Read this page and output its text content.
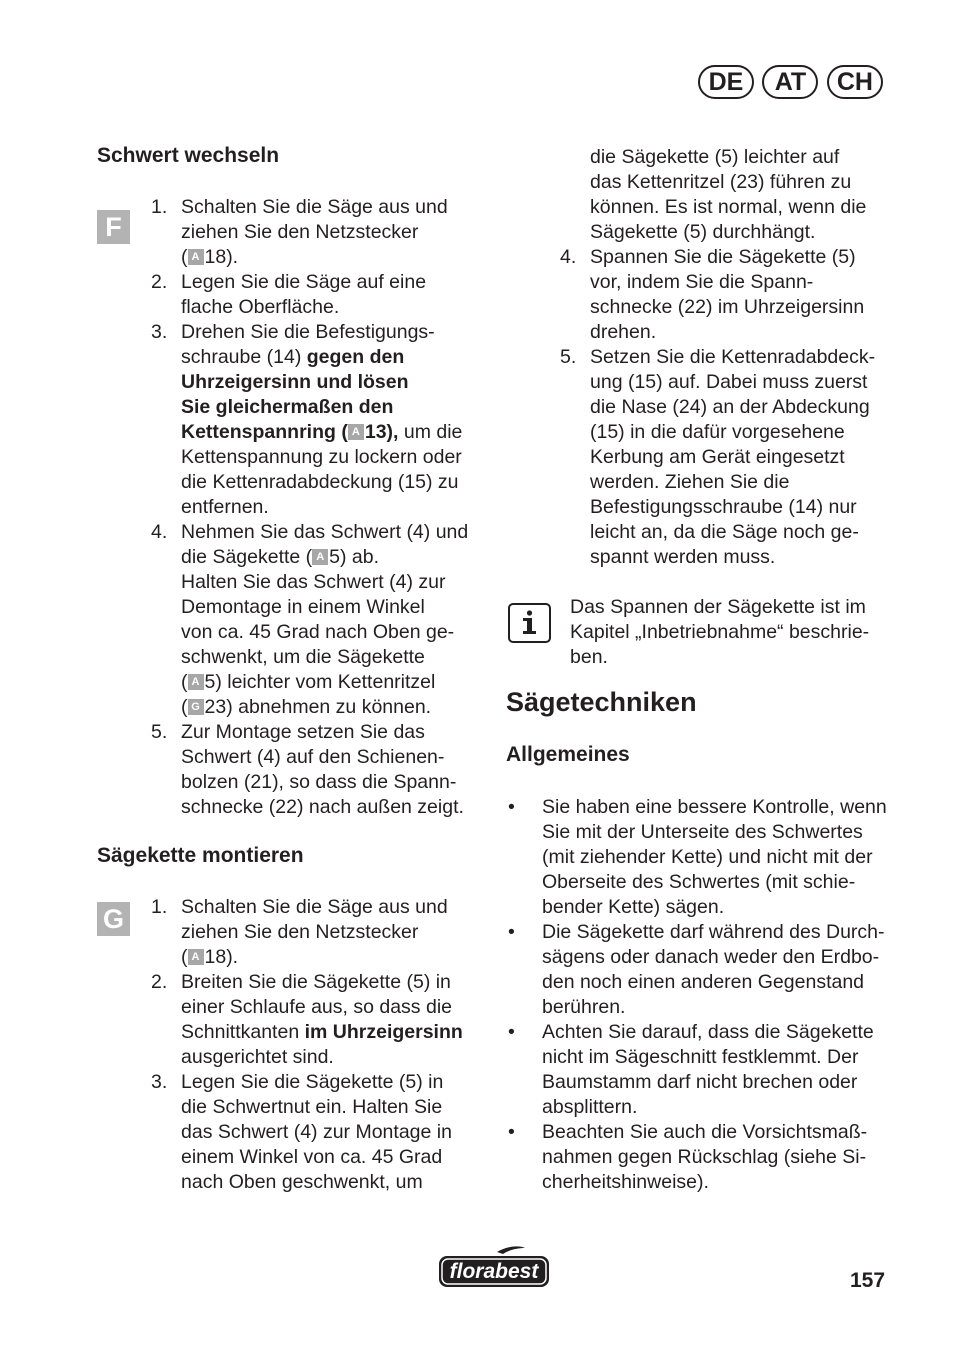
DE AT CH
Schwert wechseln
F
1. Schalten Sie die Säge aus und
ziehen Sie den Netzstecker
( A 18).
2. Legen Sie die Säge auf eine
flache Oberfläche.
3. Drehen Sie die Befestigungs-
schraube (14) gegen den
Uhrzeigersinn und lösen
Sie gleichermaßen den
Kettenspannring ( A 13), um die
Kettenspannung zu lockern oder
die Kettenradabdeckung (15) zu
entfernen.
4. Nehmen Sie das Schwert (4) und
die Sägekette ( A 5) ab.
Halten Sie das Schwert (4) zur
Demontage in einem Winkel
von ca. 45 Grad nach Oben ge-
schwenkt, um die Sägekette
( A 5) leichter vom Kettenritzel
( G 23) abnehmen zu können.
5. Zur Montage setzen Sie das
Schwert (4) auf den Schienen-
bolzen (21), so dass die Spann-
schnecke (22) nach außen zeigt.
Sägekette montieren
G	1. Schalten Sie die Säge aus und
ziehen Sie den Netzstecker
( A 18).
2. Breiten Sie die Sägekette (5) in
einer Schlaufe aus, so dass die
Schnittkanten im Uhrzeigersinn
ausgerichtet sind.
3. Legen Sie die Sägekette (5) in
die Schwertnut ein. Halten Sie
das Schwert (4) zur Montage in
einem Winkel von ca. 45 Grad
nach Oben geschwenkt, um
die Sägekette (5) leichter auf
das Kettenritzel (23) führen zu
können. Es ist normal, wenn die
Sägekette (5) durchhängt.
4. Spannen Sie die Sägekette (5)
vor, indem Sie die Spann-
schnecke (22) im Uhrzeigersinn
drehen.
5. Setzen Sie die Kettenradabdeck-
ung (15) auf. Dabei muss zuerst
die Nase (24) an der Abdeckung
(15) in die dafür vorgesehene
Kerbung am Gerät eingesetzt
werden. Ziehen Sie die
Befestigungsschraube (14) nur
leicht an, da die Säge noch ge-
spannt werden muss.
Das Spannen der Sägekette ist im
Kapitel „Inbetriebnahme“ beschrie-
ben.
Sägetechniken
Allgemeines
• Sie haben eine bessere Kontrolle, wenn
Sie mit der Unterseite des Schwertes
(mit ziehender Kette) und nicht mit der
Oberseite des Schwertes (mit schie-
bender Kette) sägen.
• Die Sägekette darf während des Durch-
sägens oder danach weder den Erdbo-
den noch einen anderen Gegenstand
berühren.
• Achten Sie darauf, dass die Sägekette
nicht im Sägeschnitt festklemmt. Der
Baumstamm darf nicht brechen oder
absplittern.
• Beachten Sie auch die Vorsichtsmaß-
nahmen gegen Rückschlag (siehe Si-
cherheitshinweise).
florabest	157
